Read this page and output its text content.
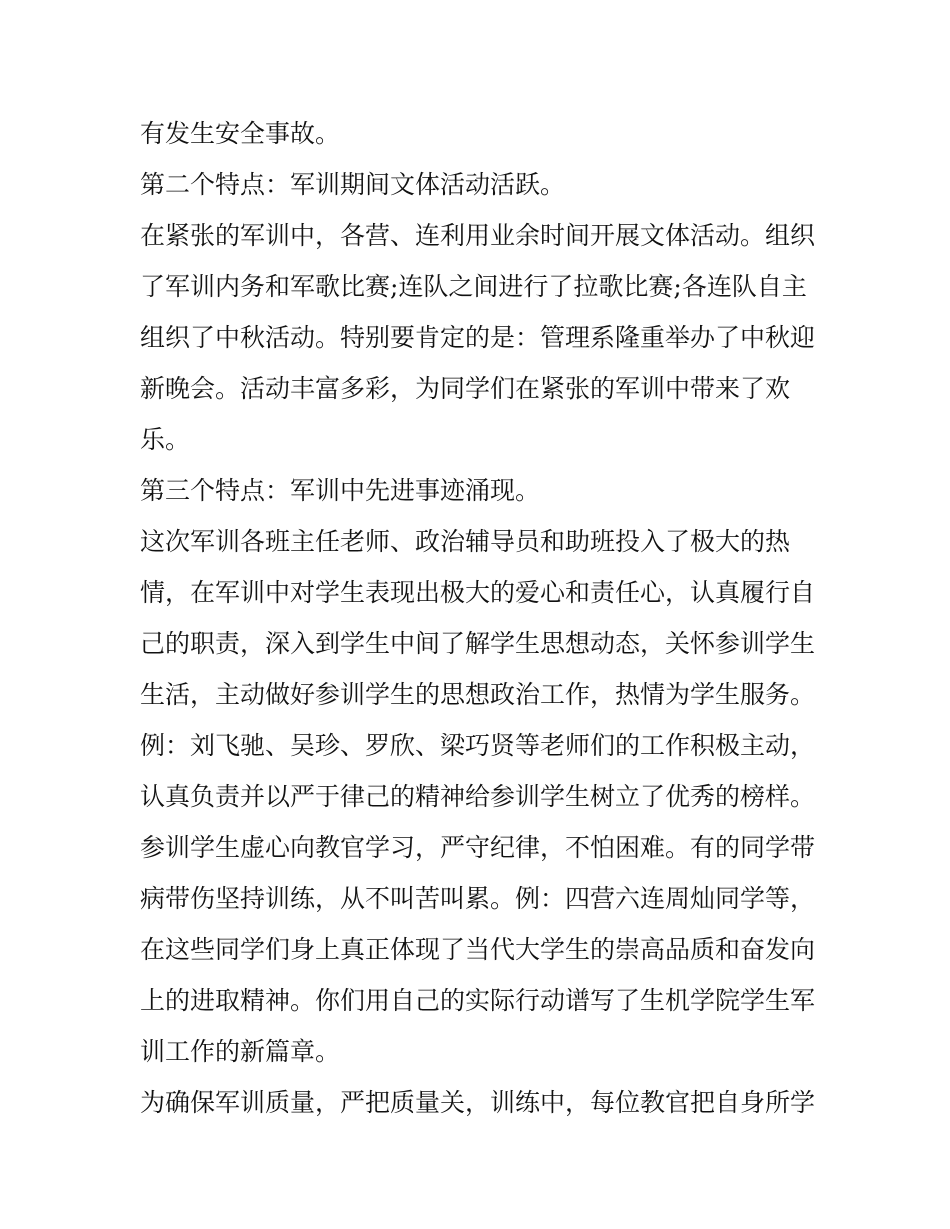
有发生安全事故。
第二个特点：军训期间文体活动活跃。
在紧张的军训中，各营、连利用业余时间开展文体活动。组织
了军训内务和军歌比赛;连队之间进行了拉歌比赛;各连队自主
组织了中秋活动。特别要肯定的是：管理系隆重举办了中秋迎
新晚会。活动丰富多彩，为同学们在紧张的军训中带来了欢
乐。
第三个特点：军训中先进事迹涌现。
这次军训各班主任老师、政治辅导员和助班投入了极大的热
情，在军训中对学生表现出极大的爱心和责任心，认真履行自
己的职责，深入到学生中间了解学生思想动态，关怀参训学生
生活，主动做好参训学生的思想政治工作，热情为学生服务。
例：刘飞驰、吴珍、罗欣、梁巧贤等老师们的工作积极主动，
认真负责并以严于律己的精神给参训学生树立了优秀的榜样。
参训学生虚心向教官学习，严守纪律，不怕困难。有的同学带
病带伤坚持训练，从不叫苦叫累。例：四营六连周灿同学等，
在这些同学们身上真正体现了当代大学生的崇高品质和奋发向
上的进取精神。你们用自己的实际行动谱写了生机学院学生军
训工作的新篇章。
为确保军训质量，严把质量关，训练中，每位教官把自身所学
